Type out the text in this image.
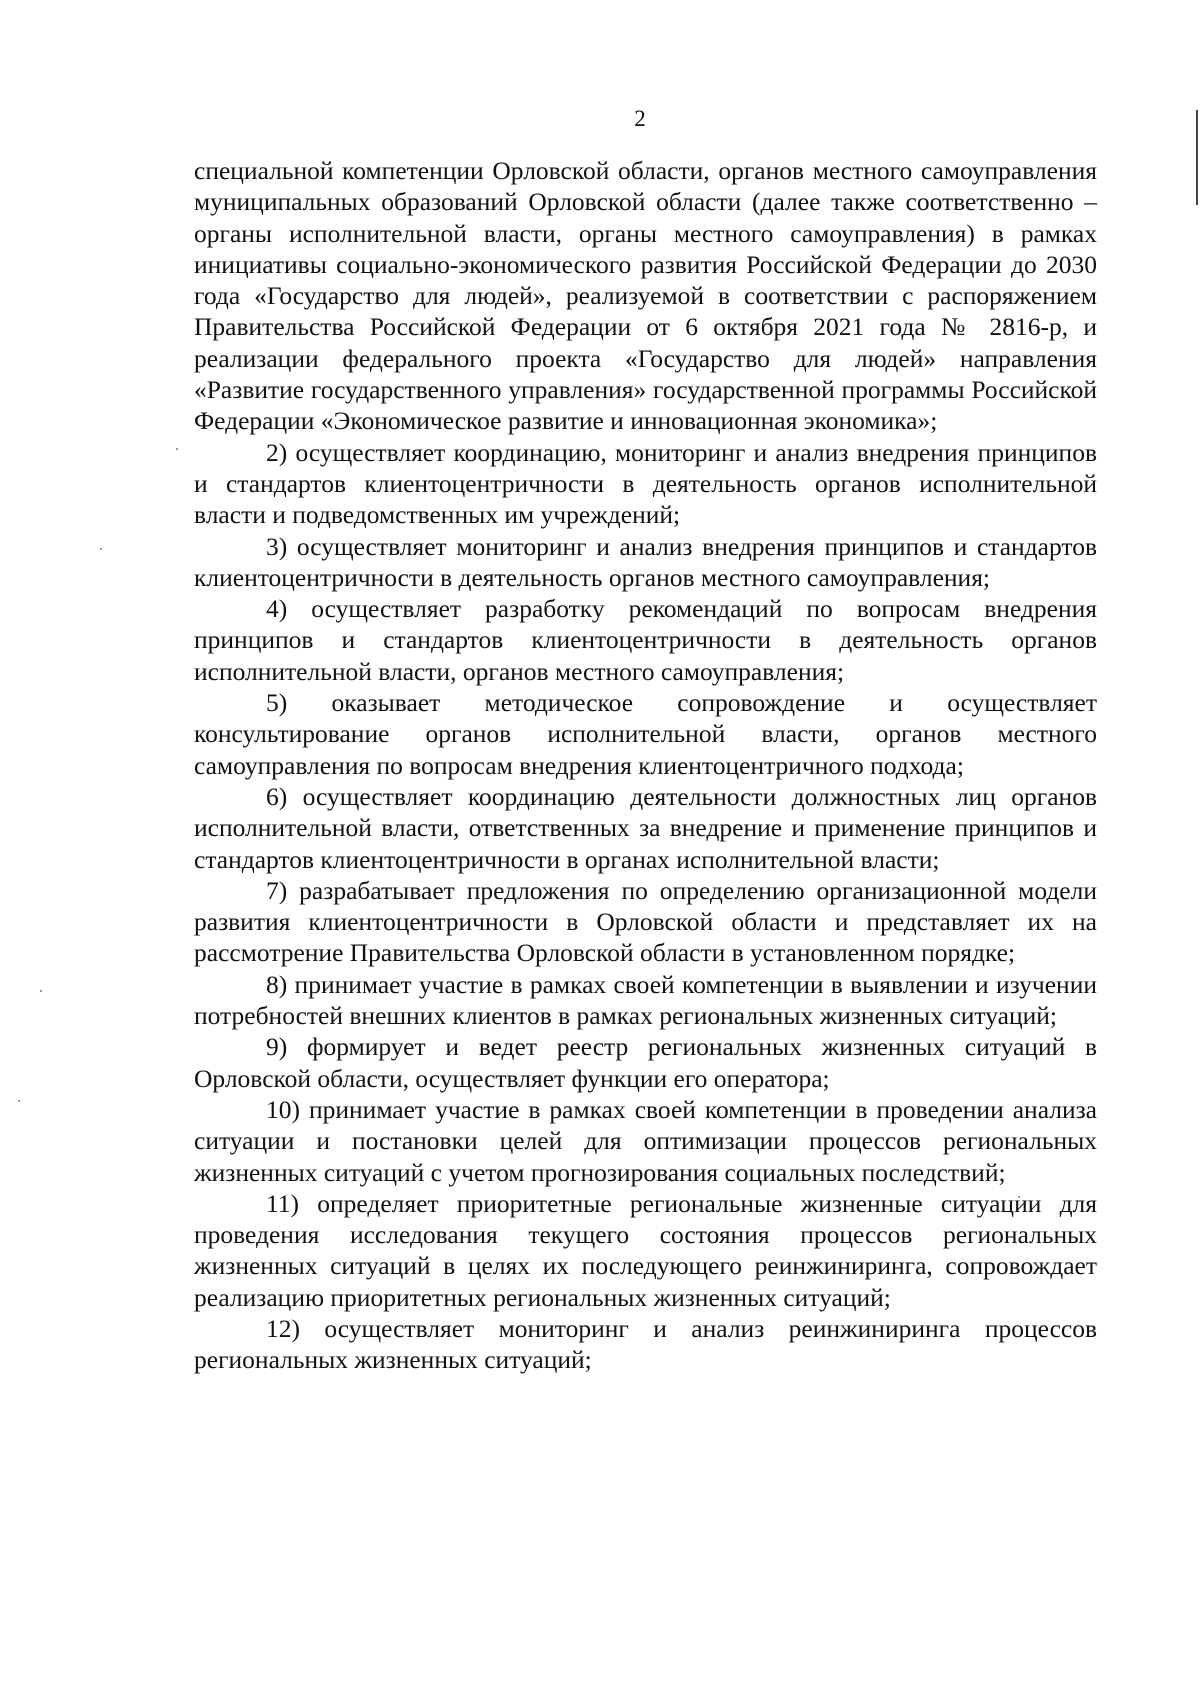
2

специальной компетенции Орловской области, органов местного самоуправления муниципальных образований Орловской области (далее также соответственно – органы исполнительной власти, органы местного самоуправления) в рамках инициативы социально-экономического развития Российской Федерации до 2030 года «Государство для людей», реализуемой в соответствии с распоряжением Правительства Российской Федерации от 6 октября 2021 года № 2816-р, и реализации федерального проекта «Государство для людей» направления «Развитие государственного управления» государственной программы Российской Федерации «Экономическое развитие и инновационная экономика»;

2) осуществляет координацию, мониторинг и анализ внедрения принципов и стандартов клиентоцентричности в деятельность органов исполнительной власти и подведомственных им учреждений;

3) осуществляет мониторинг и анализ внедрения принципов и стандартов клиентоцентричности в деятельность органов местного самоуправления;

4) осуществляет разработку рекомендаций по вопросам внедрения принципов и стандартов клиентоцентричности в деятельность органов исполнительной власти, органов местного самоуправления;

5) оказывает методическое сопровождение и осуществляет консультирование органов исполнительной власти, органов местного самоуправления по вопросам внедрения клиентоцентричного подхода;

6) осуществляет координацию деятельности должностных лиц органов исполнительной власти, ответственных за внедрение и применение принципов и стандартов клиентоцентричности в органах исполнительной власти;

7) разрабатывает предложения по определению организационной модели развития клиентоцентричности в Орловской области и представляет их на рассмотрение Правительства Орловской области в установленном порядке;

8) принимает участие в рамках своей компетенции в выявлении и изучении потребностей внешних клиентов в рамках региональных жизненных ситуаций;

9) формирует и ведет реестр региональных жизненных ситуаций в Орловской области, осуществляет функции его оператора;

10) принимает участие в рамках своей компетенции в проведении анализа ситуации и постановки целей для оптимизации процессов региональных жизненных ситуаций с учетом прогнозирования социальных последствий;

11) определяет приоритетные региональные жизненные ситуации для проведения исследования текущего состояния процессов региональных жизненных ситуаций в целях их последующего реинжиниринга, сопровождает реализацию приоритетных региональных жизненных ситуаций;

12) осуществляет мониторинг и анализ реинжиниринга процессов региональных жизненных ситуаций;
